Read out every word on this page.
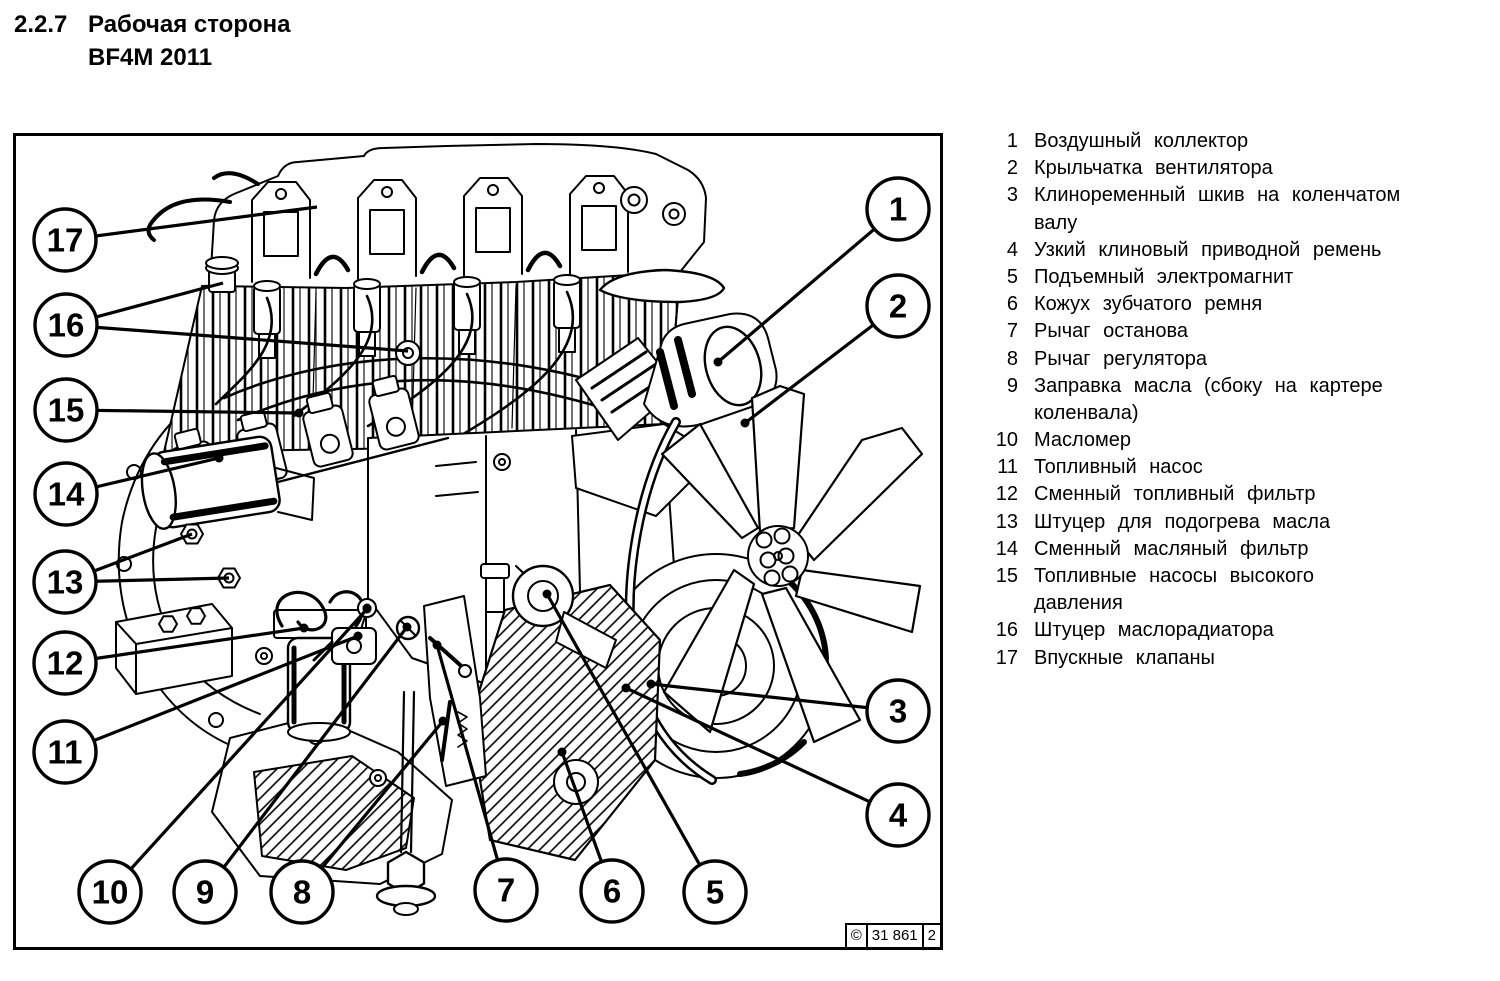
2.2.7 Рабочая сторона
BF4M 2011
1
2
3
4
5
6
7
8
9
10
11
12
13
14
15
16
17
© 31 861 2
1 Воздушный коллектор
2 Крыльчатка вентилятора
3 Клиноременный шкив на коленчатом
валу
4 Узкий клиновый приводной ремень
5 Подъемный электромагнит
6 Кожух зубчатого ремня
7 Рычаг останова
8 Рычаг регулятора
9 Заправка масла (сбоку на картере
коленвала)
10 Масломер
11 Топливный насос
12 Сменный топливный фильтр
13 Штуцер для подогрева масла
14 Сменный масляный фильтр
15 Топливные насосы высокого
давления
16 Штуцер маслорадиатора
17 Впускные клапаны
